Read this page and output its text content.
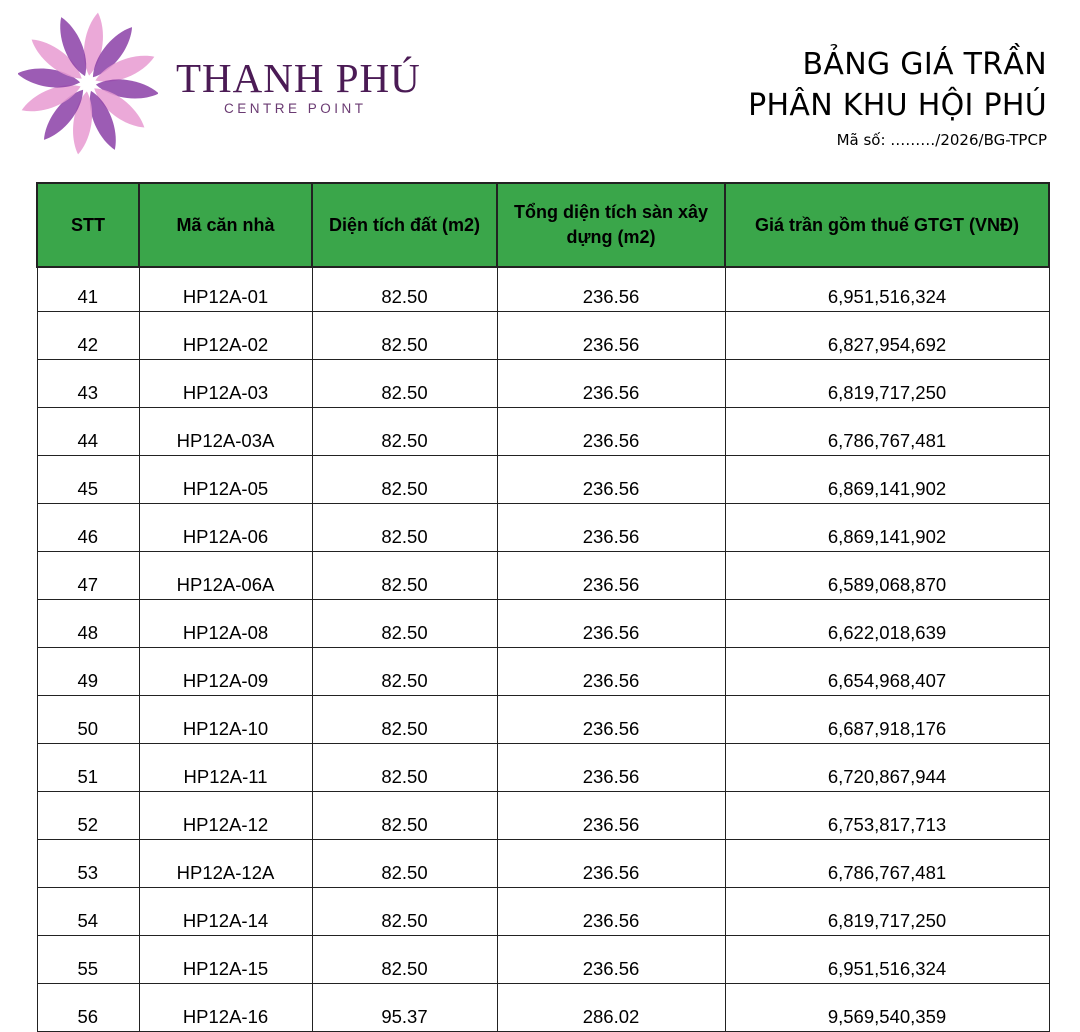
THANH PHÚ
CENTRE POINT
BẢNG GIÁ TRẦN
PHÂN KHU HỘI PHÚ
Mã số: ………/2026/BG-TPCP
STT	Mã căn nhà	Diện tích đất (m2)	Tổng diện tích sàn xây dựng (m2)	Giá trần gồm thuế GTGT (VNĐ)
41	HP12A-01	82.50	236.56	6,951,516,324
42	HP12A-02	82.50	236.56	6,827,954,692
43	HP12A-03	82.50	236.56	6,819,717,250
44	HP12A-03A	82.50	236.56	6,786,767,481
45	HP12A-05	82.50	236.56	6,869,141,902
46	HP12A-06	82.50	236.56	6,869,141,902
47	HP12A-06A	82.50	236.56	6,589,068,870
48	HP12A-08	82.50	236.56	6,622,018,639
49	HP12A-09	82.50	236.56	6,654,968,407
50	HP12A-10	82.50	236.56	6,687,918,176
51	HP12A-11	82.50	236.56	6,720,867,944
52	HP12A-12	82.50	236.56	6,753,817,713
53	HP12A-12A	82.50	236.56	6,786,767,481
54	HP12A-14	82.50	236.56	6,819,717,250
55	HP12A-15	82.50	236.56	6,951,516,324
56	HP12A-16	95.37	286.02	9,569,540,359
